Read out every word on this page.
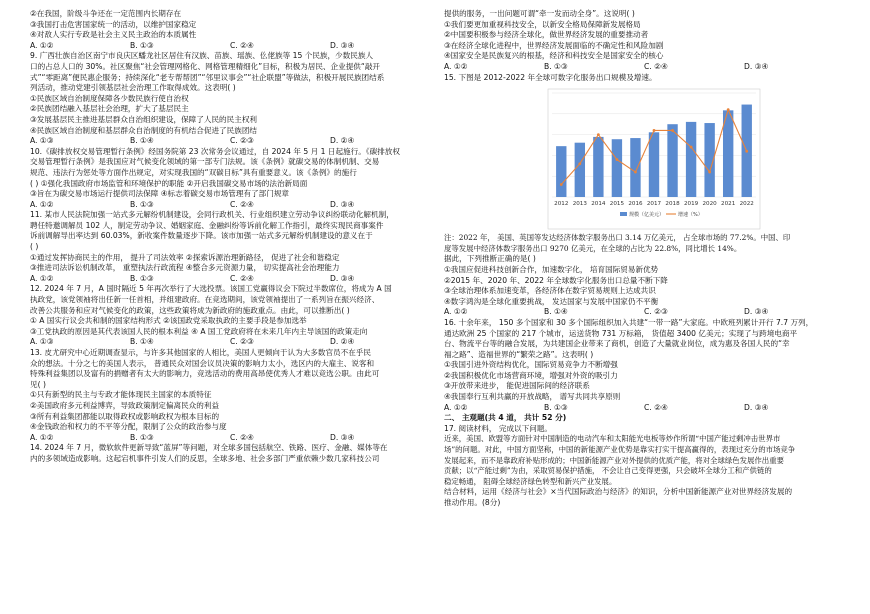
②在我国，阶级斗争还在一定范围内长期存在
③我国打击危害国家统一的活动，以维护国家稳定
④对敌人实行专政是社会主义民主政治的本质属性
A. ①②	B. ①③	C. ②④	D. ③④
9. 广西壮族自治区南宁市良庆区蟠龙社区居住有汉族、苗族、瑶族、仫佬族等 15 个民族，少数民族人
口的占总人口的 30%。社区聚焦“社会管理网格化、网格管理精细化”目标，积极为居民、企业提供“敲开
式”“零距离”便民惠企服务；持续深化“老专帮帮团”“邻里议事会”“社企联盟”等做法，积极开展民族团结系
列活动，推动党建引领基层社会治理工作取得成效。这表明( )
①民族区域自治制度保障各少数民族行使自治权
②民族团结融入基层社会治理，扩大了基层民主
③发展基层民主推进基层群众自治组织建设，保障了人民的民主权利
④民族区域自治制度和基层群众自治制度的有机结合促进了民族团结
A. ①③	B. ①④	C. ②③	D. ②④
10.《碳排放权交易管理暂行条例》经国务院第 23 次常务会议通过，自 2024 年 5 月 1 日起施行。《碳排放权
交易管理暂行条例》是我国应对气候变化领域的第一部专门法规。该《条例》就碳交易的体制机制、交易
规范、违法行为惩处等方面作出规定，对实现我国的“双碳目标”具有重要意义。该《条例》的施行
( ) ①强化我国政府市场监管和环境保护的职能 ②开启我国碳交易市场的法治新局面
③旨在为碳交易市场运行提供司法保障 ④标志着碳交易市场管理有了部门规章
A. ①②	B. ①③	C. ②④	D. ③④
11. 某市人民法院加强一站式多元解纷机制建设，会同行政机关、行业组织建立劳动争议纠纷联动化解机制，
聘任特邀调解员 102 人，制定劳动争议、婚姻家庭、金融纠纷等诉前化解工作指引，最终实现民商事案件
诉前调解导出率达到 60.03%，新收案件数量逐步下降。该市加强一站式多元解纷机制建设的意义在于
( )
①通过发挥协商民主的作用， 提升了司法效率 ②探索诉源治理新路径， 促进了社会和谐稳定
③推进司法诉讼机制改革， 重塑执法行政流程 ④整合多元资源力量， 切实提高社会治理能力
A. ①②	B. ①③	C. ②④	D. ③④
12. 2024 年 7 月，A 国时隔近 5 年再次举行了大选投票。该国工党赢得议会下院过半数席位，将成为 A 国
执政党，该党领袖将出任新一任首相，并组建政府。在竞选期间，该党领袖提出了一系列旨在振兴经济、
改善公共服务和应对气候变化的政策，这些政策将成为新政府的施政重点。由此，可以推断出( )
① A 国实行议会共和制的国家结构形式 ②该国政党采取执政的主要手段是参加选举
③工党执政的原因是其代表该国人民的根本利益 ④ A 国工党政府将在未来几年内主导该国的政策走向
A. ①③	B. ①④	C. ②③	D. ②④
13. 皮尤研究中心近期调查显示，与许多其他国家的人相比，美国人更倾向于认为大多数官员不在乎民
众的想法。十分之七的美国人表示， 普通民众对国会议员决策的影响力太小，选区内的大雇主、说客和
特殊利益集团以及富有的捐赠者有太大的影响力，竞选活动的费用高昂使优秀人才难以竞选公职。由此可
见( )
①只有新型的民主与专政才能体现民主国家的本质特征
②美国政府多元利益博弈，导致政策制定偏离民众的利益
③所有利益集团都能以取得政权或影响政权为根本目标的
④金钱政治和权力的不平等分配，限制了公众的政治参与度
A. ①②	B. ①③	C. ②④	D. ③④
14. 2024 年 7 月，微软软件更新导致“蓝屏”等问题，对全球多国包括航空、铁路、医疗、金融、媒体等在
内的多领域造成影响。这起宕机事件引发人们的反思，全球多地、社会多部门严重依赖少数几家科技公司
提供的服务，一出问题可谓“牵一发而动全身”。这说明( )
①我们要更加重视科技安全，以新安全格局保障新发展格局
②中国要积极参与经济全球化，做世界经济发展的重要推动者
③在经济全球化进程中，世界经济发展面临的不确定性和风险加剧
④国家安全是民族复兴的根基，经济和科技安全是国家安全的核心
A. ①②	B. ①③	C. ②④	D. ③④
15. 下图是 2012-2022 年全球可数字化服务出口规模及增速。
2012 2013 2014 2015 2016 2017 2018 2019 2020 2021 2022
规模（亿美元）	增速（%）
注：2022 年， 美国、英国等发达经济体数字服务出口 3.14 万亿美元， 占全球市场的 77.2%。中国、印
度等发展中经济体数字服务出口 9270 亿美元，在全球的占比为 22.8%，同比增长 14%。
据此，下列推断正确的是( )
①我国应促进科技创新合作，加速数字化， 培育国际贸易新优势
②2015 年、2020 年、2022 年全球数字化服务出口总量不断下降
③全球治理体系加速变革，各经济体在数字贸易规则上达成共识
④数字鸿沟是全球化重要挑战， 发达国家与发展中国家仍不平衡
A. ①②	B. ①④	C. ②③	D. ③④
16. 十余年来， 150 多个国家和 30 多个国际组织加入共建“一带一路”大家庭。中欧班列累计开行 7.7 万列，
通达欧洲 25 个国家的 217 个城市，运送货物 731 万标箱， 货值超 3400 亿美元；实现了与跨境电商平
台、物流平台等的融合发展，为共建国企业带来了商机，创造了大量就业岗位，成为惠及各国人民的“幸
福之路”、造福世界的“繁荣之路”。这表明( )
①我国引进外资结构优化，国际贸易竞争力不断增强
②我国积极优化市场营商环境，增强对外资的吸引力
③开放带来进步， 能促进国际间的经济联系
④我国奉行互利共赢的开放战略， 谱写共同共享原则
A. ①②	B. ①③	C. ②④	D. ③④
二、 主观题(共 4 道， 共计 52 分)
17. 阅读材料， 完成以下问题。
近来，美国、欧盟等方面针对中国制造的电动汽车和太阳能光电板等炒作所谓“中国产能过剩冲击世界市
场”的问题。对此，中国方面坚称，中国的新能源产业优势是靠实打实干提高赢得的，表现过充分的市场竞争
发展起来，而不是靠政府补贴形成的；中国新能源产业对外提供的优质产能，将对全球绿色发展作出重要
贡献；以“产能过剩”为由，采取贸易保护措施， 不会让自己变得更强，只会破坏全球分工和产供链的
稳定畅通， 阻碍全球经济绿色转型和新兴产业发展。
结合材料，运用《经济与社会》×当代国际政治与经济》的知识，分析中国新能源产业对世界经济发展的
推动作用。(8分)
